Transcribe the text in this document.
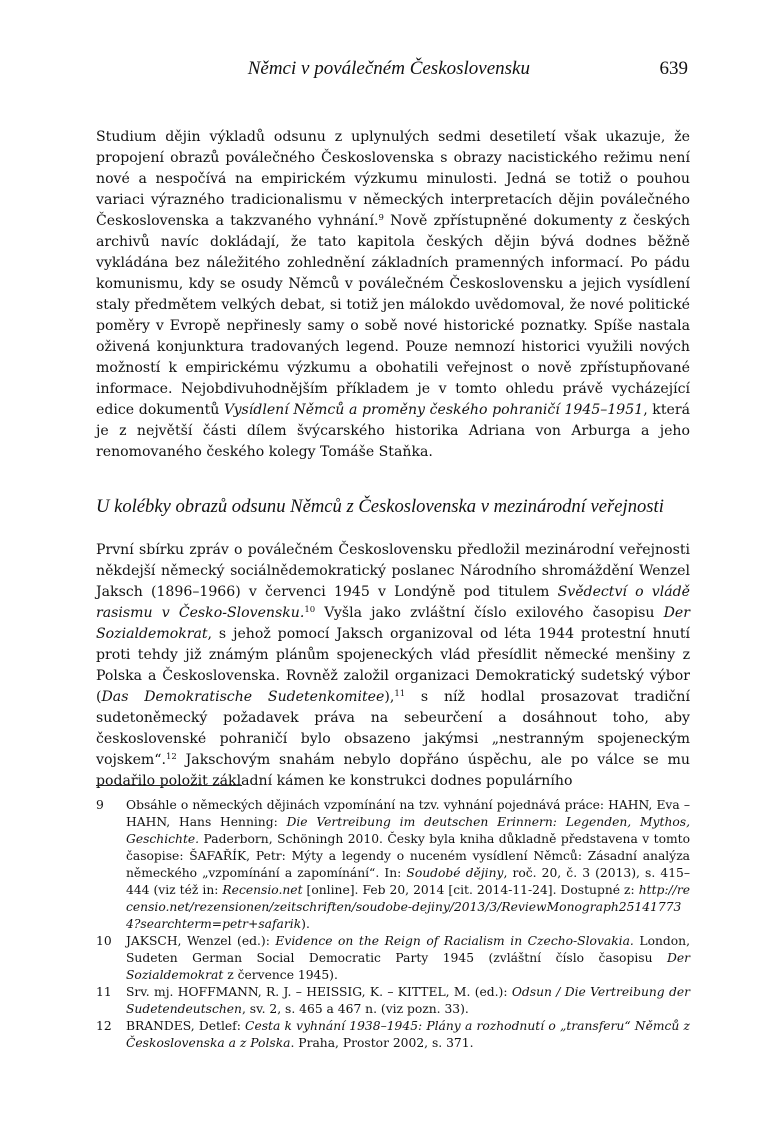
Němci v poválečném Československu	639

Studium dějin výkladů odsunu z uplynulých sedmi desetiletí však ukazuje, že propojení obrazů poválečného Československa s obrazy nacistického režimu není nové a nespočívá na empirickém výzkumu minulosti. Jedná se totiž o pouhou variaci výrazného tradicionalismu v německých interpretacích dějin poválečného Československa a takzvaného vyhnání.$^9$ Nově zpřístupněné dokumenty z českých archivů navíc dokládají, že tato kapitola českých dějin bývá dodnes běžně vykládána bez náležitého zohlednění základních pramenných informací. Po pádu komunismu, kdy se osudy Němců v poválečném Československu a jejich vysídlení staly předmětem velkých debat, si totiž jen málokdo uvědomoval, že nové politické poměry v Evropě nepřinesly samy o sobě nové historické poznatky. Spíše nastala oživená konjunktura tradovaných legend. Pouze nemnozí historici využili nových možností k empirickému výzkumu a obohatili veřejnost o nově zpřístupňované informace. Nejobdivuhodnějším příkladem je v tomto ohledu právě vycházející edice dokumentů Vysídlení Němců a proměny českého pohraničí 1945–1951, která je z největší části dílem švýcarského historika Adriana von Arburga a jeho renomovaného českého kolegy Tomáše Staňka.

U kolébky obrazů odsunu Němců z Československa v mezinárodní veřejnosti

První sbírku zpráv o poválečném Československu předložil mezinárodní veřejnosti někdejší německý sociálnědemokratický poslanec Národního shromáždění Wenzel Jaksch (1896–1966) v červenci 1945 v Londýně pod titulem Svědectví o vládě rasismu v Česko-Slovensku.$^{10}$ Vyšla jako zvláštní číslo exilového časopisu Der Sozialdemokrat, s jehož pomocí Jaksch organizoval od léta 1944 protestní hnutí proti tehdy již známým plánům spojeneckých vlád přesídlit německé menšiny z Polska a Československa. Rovněž založil organizaci Demokratický sudetský výbor (Das Demokratische Sudetenkomitee),$^{11}$ s níž hodlal prosazovat tradiční sudetoněmecký požadavek práva na sebeurčení a dosáhnout toho, aby československé pohraničí bylo obsazeno jakýmsi „nestranným spojeneckým vojskem“.$^{12}$ Jakschovým snahám nebylo dopřáno úspěchu, ale po válce se mu podařilo položit základní kámen ke konstrukci dodnes populárního

9	Obsáhle o německých dějinách vzpomínání na tzv. vyhnání pojednává práce: HAHN, Eva – HAHN, Hans Henning: Die Vertreibung im deutschen Erinnern: Legenden, Mythos, Geschichte. Paderborn, Schöningh 2010. Česky byla kniha důkladně představena v tomto časopise: ŠAFAŘÍK, Petr: Mýty a legendy o nuceném vysídlení Němců: Zásadní analýza německého „vzpomínání a zapomínání“. In: Soudobé dějiny, roč. 20, č. 3 (2013), s. 415–444 (viz též in: Recensio.net [online]. Feb 20, 2014 [cit. 2014-11-24]. Dostupné z: http://recensio.net/rezensionen/zeitschriften/soudobe-dejiny/2013/3/ReviewMonograph251417734?searchterm=petr+safarik).
10	JAKSCH, Wenzel (ed.): Evidence on the Reign of Racialism in Czecho-Slovakia. London, Sudeten German Social Democratic Party 1945 (zvláštní číslo časopisu Der Sozialdemokrat z července 1945).
11	Srv. mj. HOFFMANN, R. J. – HEISSIG, K. – KITTEL, M. (ed.): Odsun / Die Vertreibung der Sudetendeutschen, sv. 2, s. 465 a 467 n. (viz pozn. 33).
12	BRANDES, Detlef: Cesta k vyhnání 1938–1945: Plány a rozhodnutí o „transferu“ Němců z Československa a z Polska. Praha, Prostor 2002, s. 371.
